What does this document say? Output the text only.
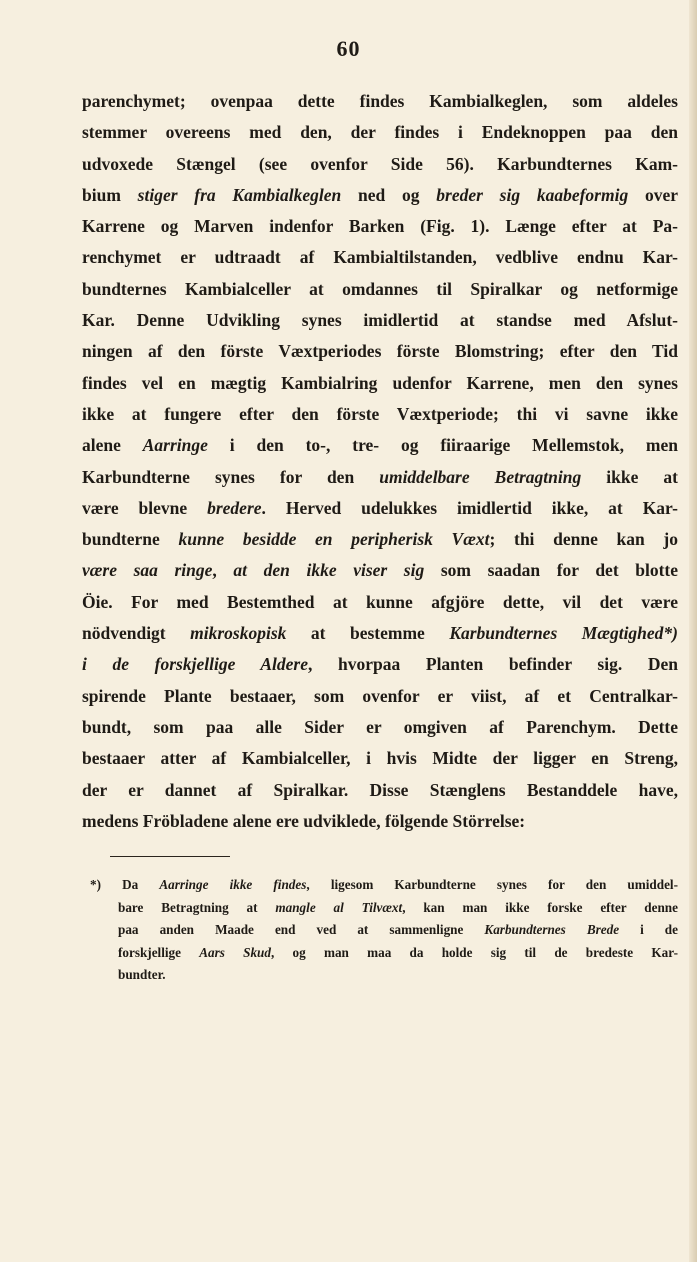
60
parenchymet; ovenpaa dette findes Kambialkeglen, som aldeles
stemmer overeens med den, der findes i Endeknoppen paa den
udvoxede Stængel (see ovenfor Side 56). Karbundternes Kam-
bium stiger fra Kambialkeglen ned og breder sig kaabeformig over
Karrene og Marven indenfor Barken (Fig. 1). Længe efter at Pa-
renchymet er udtraadt af Kambialtilstanden, vedblive endnu Kar-
bundternes Kambialceller at omdannes til Spiralkar og netformige
Kar. Denne Udvikling synes imidlertid at standse med Afslut-
ningen af den förste Væxtperiodes förste Blomstring; efter den Tid
findes vel en mægtig Kambialring udenfor Karrene, men den synes
ikke at fungere efter den förste Væxtperiode; thi vi savne ikke
alene Aarringe i den to-, tre- og fiiraarige Mellemstok, men
Karbundterne synes for den umiddelbare Betragtning ikke at
være blevne bredere. Herved udelukkes imidlertid ikke, at Kar-
bundterne kunne besidde en peripherisk Væxt; thi denne kan jo
være saa ringe, at den ikke viser sig som saadan for det blotte
Öie. For med Bestemthed at kunne afgjöre dette, vil det være
nödvendigt mikroskopisk at bestemme Karbundternes Mægtighed*)
i de forskjellige Aldere, hvorpaa Planten befinder sig. Den
spirende Plante bestaaer, som ovenfor er viist, af et Centralkar-
bundt, som paa alle Sider er omgiven af Parenchym. Dette
bestaaer atter af Kambialceller, i hvis Midte der ligger en Streng,
der er dannet af Spiralkar. Disse Stænglens Bestanddele have,
medens Fröbladene alene ere udviklede, fölgende Störrelse:
*) Da Aarringe ikke findes, ligesom Karbundterne synes for den umiddel-
bare Betragtning at mangle al Tilvæxt, kan man ikke forske efter denne
paa anden Maade end ved at sammenligne Karbundternes Brede i de
forskjellige Aars Skud, og man maa da holde sig til de bredeste Kar-
bundter.
